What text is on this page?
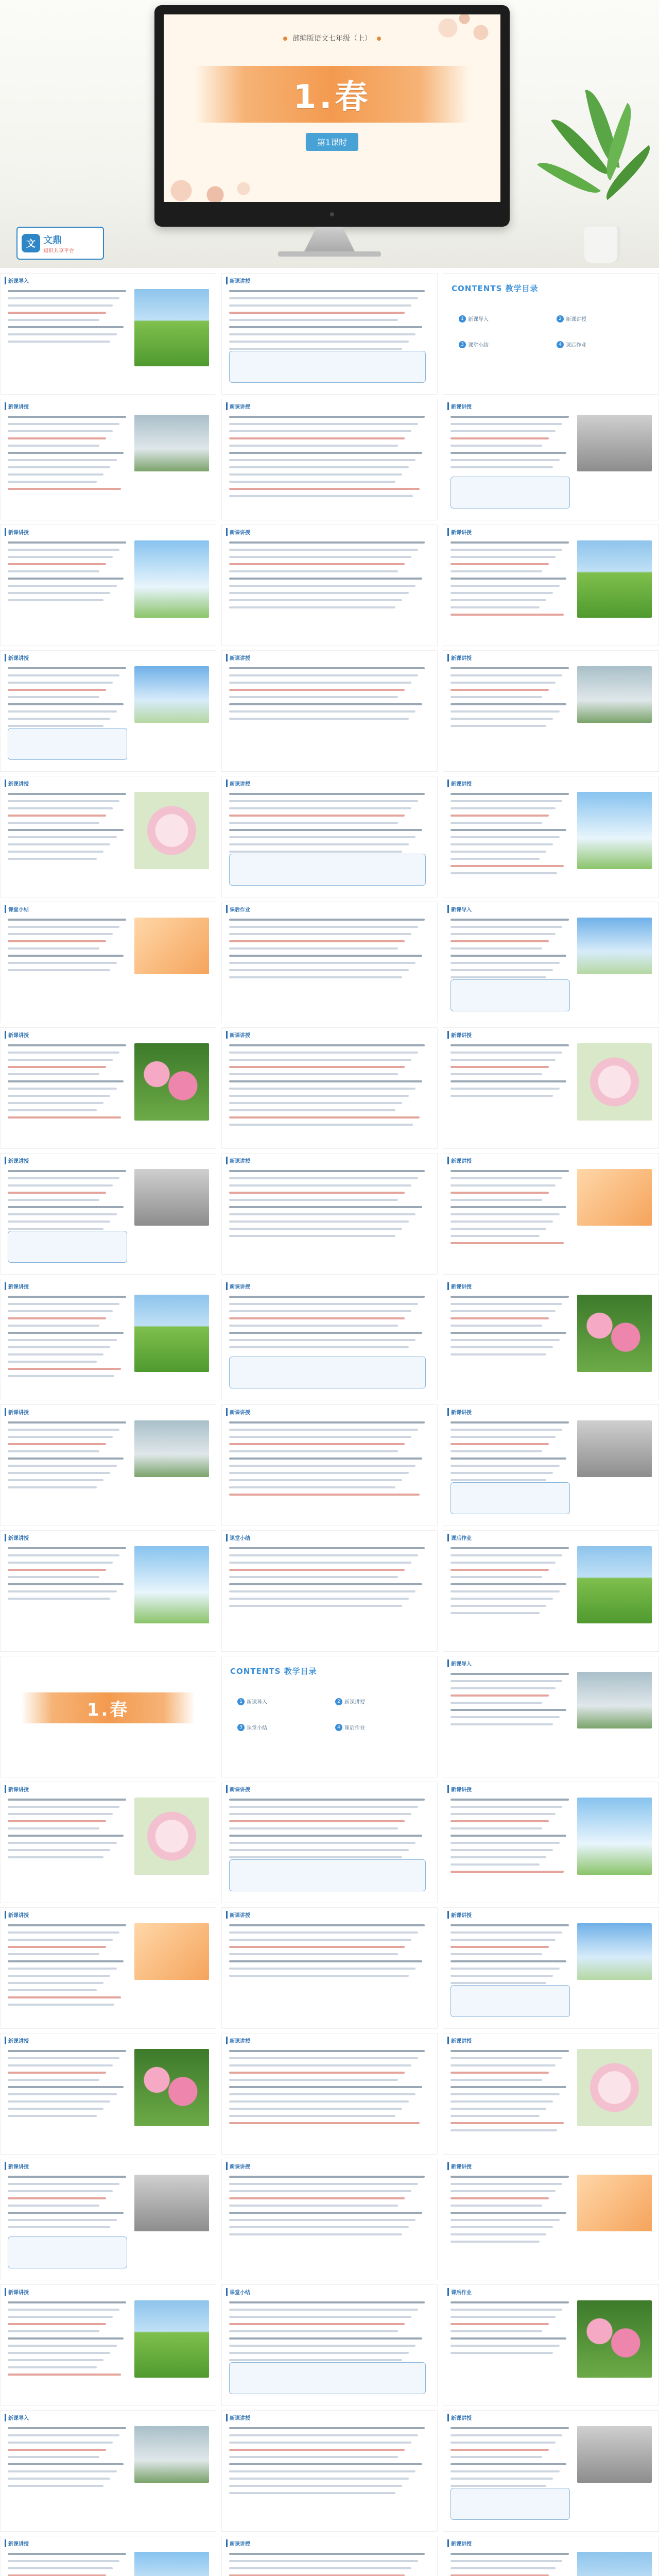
部编版语文七年级（上）
1.春
第1课时
文 文鼎
知识共享平台
新课导入	新课讲授
CONTENTS 教学目录
1 新课导入	2 新课讲授
3 课堂小结	4 课后作业
新课讲授	新课讲授	新课讲授
新课讲授	新课讲授	新课讲授
新课讲授	新课讲授	新课讲授
新课讲授	新课讲授	新课讲授
课堂小结	课后作业	新课导入
新课讲授	新课讲授	新课讲授
新课讲授	新课讲授	新课讲授
新课讲授	新课讲授	新课讲授
新课讲授	新课讲授	新课讲授
新课讲授	课堂小结	课后作业
1.春
CONTENTS 教学目录
1 新课导入	2 新课讲授
3 课堂小结	4 课后作业
新课导入
新课讲授	新课讲授	新课讲授
新课讲授	新课讲授	新课讲授
新课讲授	新课讲授	新课讲授
新课讲授	新课讲授	新课讲授
新课讲授	课堂小结	课后作业
新课导入	新课讲授	新课讲授
新课讲授	新课讲授	新课讲授
